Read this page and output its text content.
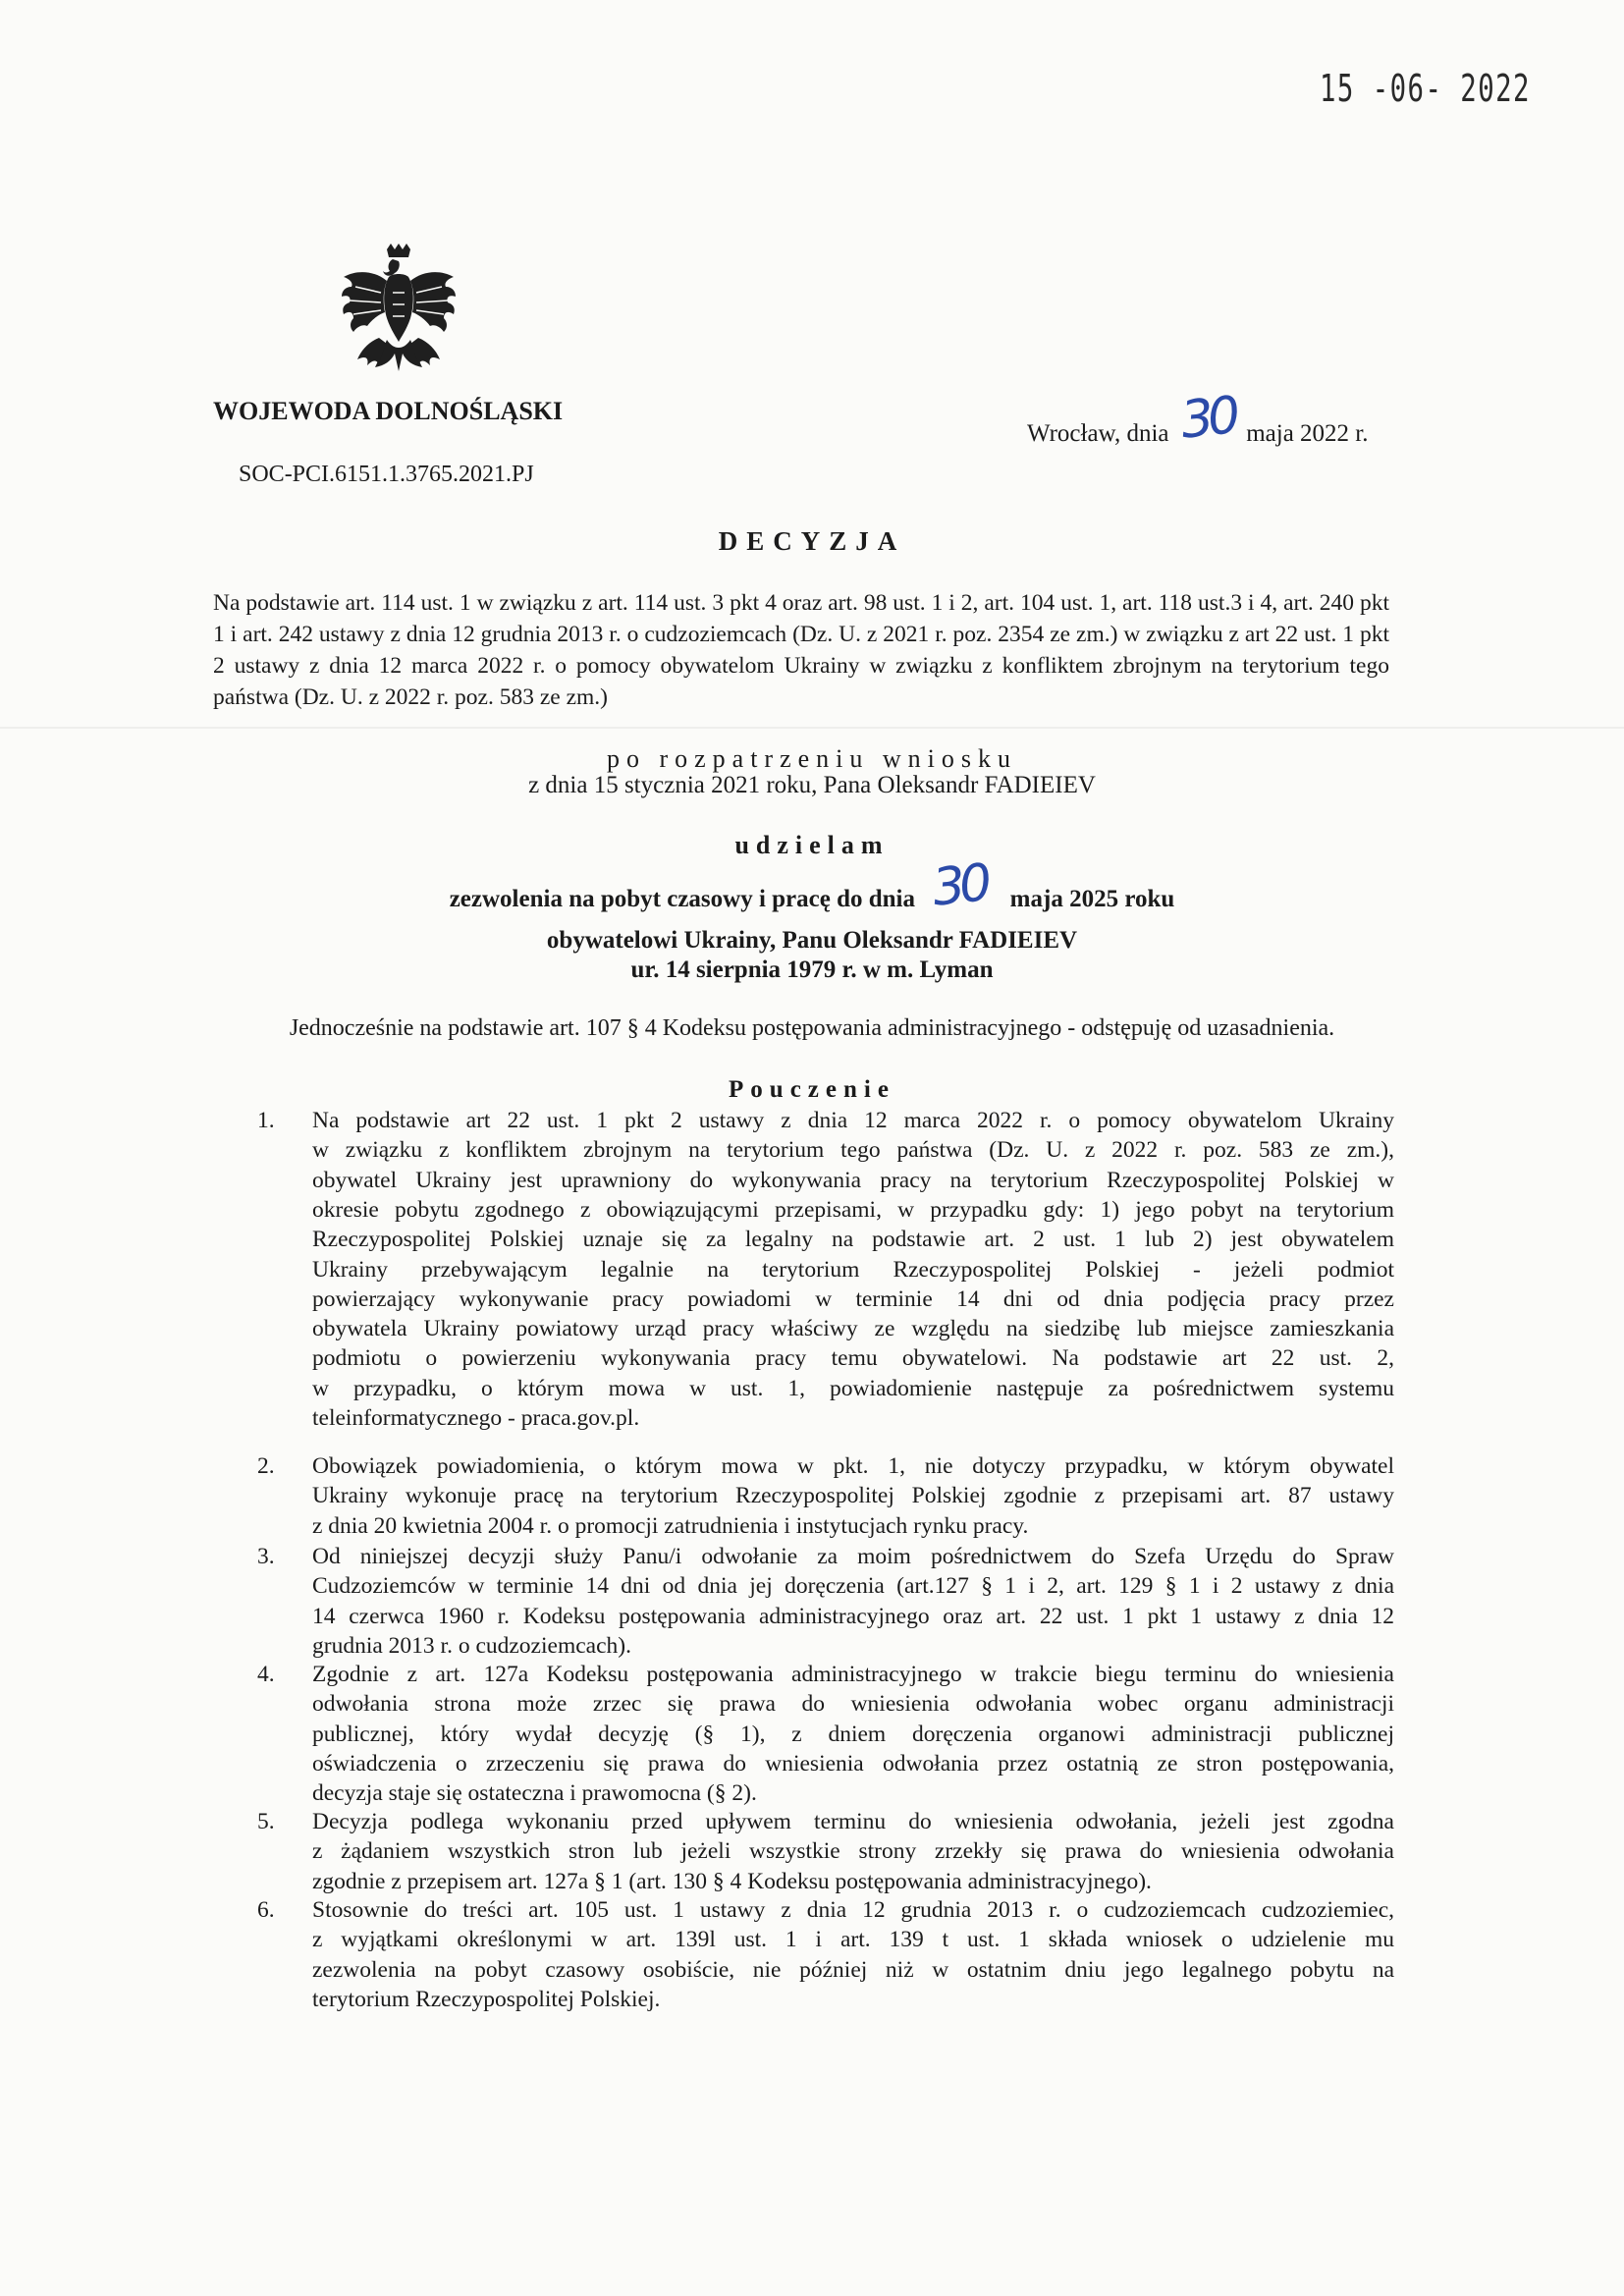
15 -06- 2022
WOJEWODA DOLNOŚLĄSKI
SOC-PCI.6151.1.3765.2021.PJ
Wrocław, dnia 30 maja 2022 r.
DECYZJA
Na podstawie art. 114 ust. 1 w związku z art. 114 ust. 3 pkt 4 oraz art. 98 ust. 1 i 2, art. 104 ust. 1, art. 118 ust.3 i 4, art. 240 pkt 1 i art. 242 ustawy z dnia 12 grudnia 2013 r. o cudzoziemcach (Dz. U. z 2021 r. poz. 2354 ze zm.) w związku z art 22 ust. 1 pkt 2 ustawy z dnia 12 marca 2022 r. o pomocy obywatelom Ukrainy w związku z konfliktem zbrojnym na terytorium tego państwa (Dz. U. z 2022 r. poz. 583 ze zm.)
po rozpatrzeniu wniosku
z dnia 15 stycznia 2021 roku, Pana Oleksandr FADIEIEV
udzielam
zezwolenia na pobyt czasowy i pracę do dnia 30 maja 2025 roku
obywatelowi Ukrainy, Panu Oleksandr FADIEIEV
ur. 14 sierpnia 1979 r. w m. Lyman
Jednocześnie na podstawie art. 107 § 4 Kodeksu postępowania administracyjnego - odstępuję od uzasadnienia.
Pouczenie
1.	Na podstawie art 22 ust. 1 pkt 2 ustawy z dnia 12 marca 2022 r. o pomocy obywatelom Ukrainy
w związku z konfliktem zbrojnym na terytorium tego państwa (Dz. U. z 2022 r. poz. 583 ze zm.),
obywatel Ukrainy jest uprawniony do wykonywania pracy na terytorium Rzeczypospolitej Polskiej w
okresie pobytu zgodnego z obowiązującymi przepisami, w przypadku gdy: 1) jego pobyt na terytorium
Rzeczypospolitej Polskiej uznaje się za legalny na podstawie art. 2 ust. 1 lub 2) jest obywatelem
Ukrainy przebywającym legalnie na terytorium Rzeczypospolitej Polskiej - jeżeli podmiot
powierzający wykonywanie pracy powiadomi w terminie 14 dni od dnia podjęcia pracy przez
obywatela Ukrainy powiatowy urząd pracy właściwy ze względu na siedzibę lub miejsce zamieszkania
podmiotu o powierzeniu wykonywania pracy temu obywatelowi. Na podstawie art 22 ust. 2,
w przypadku, o którym mowa w ust. 1, powiadomienie następuje za pośrednictwem systemu
teleinformatycznego - praca.gov.pl.
2.	Obowiązek powiadomienia, o którym mowa w pkt. 1, nie dotyczy przypadku, w którym obywatel
Ukrainy wykonuje pracę na terytorium Rzeczypospolitej Polskiej zgodnie z przepisami art. 87 ustawy
z dnia 20 kwietnia 2004 r. o promocji zatrudnienia i instytucjach rynku pracy.
3.	Od niniejszej decyzji służy Panu/i odwołanie za moim pośrednictwem do Szefa Urzędu do Spraw
Cudzoziemców w terminie 14 dni od dnia jej doręczenia (art.127 § 1 i 2, art. 129 § 1 i 2 ustawy z dnia
14 czerwca 1960 r. Kodeksu postępowania administracyjnego oraz art. 22 ust. 1 pkt 1 ustawy z dnia 12
grudnia 2013 r. o cudzoziemcach).
4.	Zgodnie z art. 127a Kodeksu postępowania administracyjnego w trakcie biegu terminu do wniesienia
odwołania strona może zrzec się prawa do wniesienia odwołania wobec organu administracji
publicznej, który wydał decyzję (§ 1), z dniem doręczenia organowi administracji publicznej
oświadczenia o zrzeczeniu się prawa do wniesienia odwołania przez ostatnią ze stron postępowania,
decyzja staje się ostateczna i prawomocna (§ 2).
5.	Decyzja podlega wykonaniu przed upływem terminu do wniesienia odwołania, jeżeli jest zgodna
z żądaniem wszystkich stron lub jeżeli wszystkie strony zrzekły się prawa do wniesienia odwołania
zgodnie z przepisem art. 127a § 1 (art. 130 § 4 Kodeksu postępowania administracyjnego).
6.	Stosownie do treści art. 105 ust. 1 ustawy z dnia 12 grudnia 2013 r. o cudzoziemcach cudzoziemiec,
z wyjątkami określonymi w art. 139l ust. 1 i art. 139 t ust. 1 składa wniosek o udzielenie mu
zezwolenia na pobyt czasowy osobiście, nie później niż w ostatnim dniu jego legalnego pobytu na
terytorium Rzeczypospolitej Polskiej.
